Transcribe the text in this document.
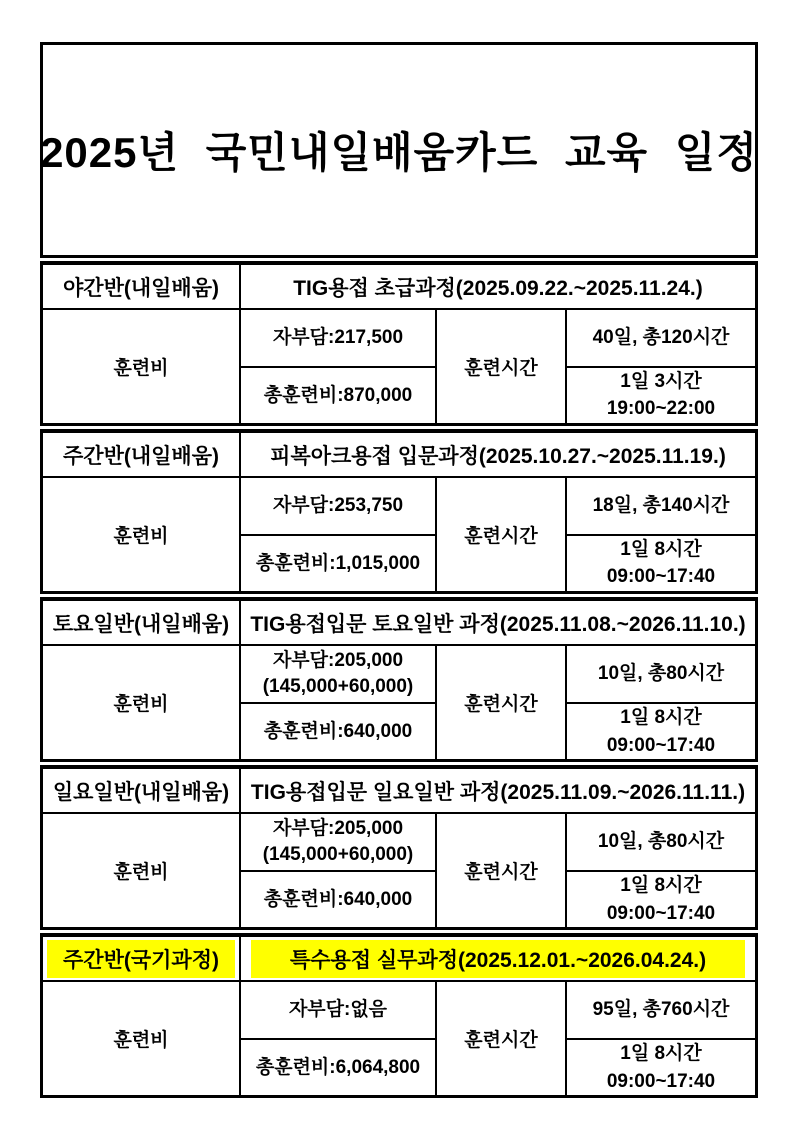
2025년 국민내일배움카드 교육 일정
야간반(내일배움)	TIG용접 초급과정(2025.09.22.~2025.11.24.)
훈련비
자부담:217,500
총훈련비:870,000
훈련시간
40일, 총120시간
1일 3시간
19:00~22:00
주간반(내일배움) 피복아크용접 입문과정(2025.10.27.~2025.11.19.)
훈련비
자부담:253,750
총훈련비:1,015,000
훈련시간
18일, 총140시간
1일 8시간
09:00~17:40
토요일반(내일배움) TIG용접입문 토요일반 과정(2025.11.08.~2026.11.10.)
훈련비
자부담:205,000
(145,000+60,000)
총훈련비:640,000
훈련시간
10일, 총80시간
1일 8시간
09:00~17:40
일요일반(내일배움) TIG용접입문 일요일반 과정(2025.11.09.~2026.11.11.)
훈련비
자부담:205,000
(145,000+60,000)
총훈련비:640,000
훈련시간
10일, 총80시간
1일 8시간
09:00~17:40
주간반(국기과정)	특수용접 실무과정(2025.12.01.~2026.04.24.)
훈련비
자부담:없음
총훈련비:6,064,800
훈련시간
95일, 총760시간
1일 8시간
09:00~17:40
